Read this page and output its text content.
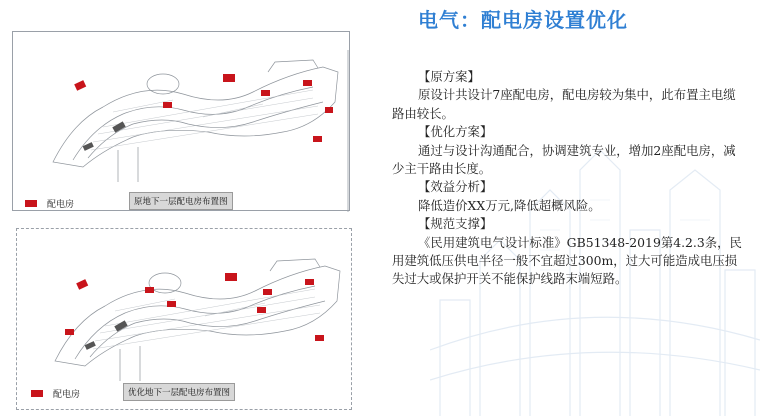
电气：配电房设置优化
【原方案】
原设计共设计7座配电房，配电房较为集中，此布置主电缆路由较长。
【优化方案】
通过与设计沟通配合，协调建筑专业，增加2座配电房，减少主干路由长度。
【效益分析】
降低造价XX万元,降低超概风险。
【规范支撑】
《民用建筑电气设计标准》GB51348-2019第4.2.3条，民用建筑低压供电半径一般不宜超过300m，过大可能造成电压损失过大或保护开关不能保护线路末端短路。
配电房	原地下一层配电房布置图
配电房	优化地下一层配电房布置图
